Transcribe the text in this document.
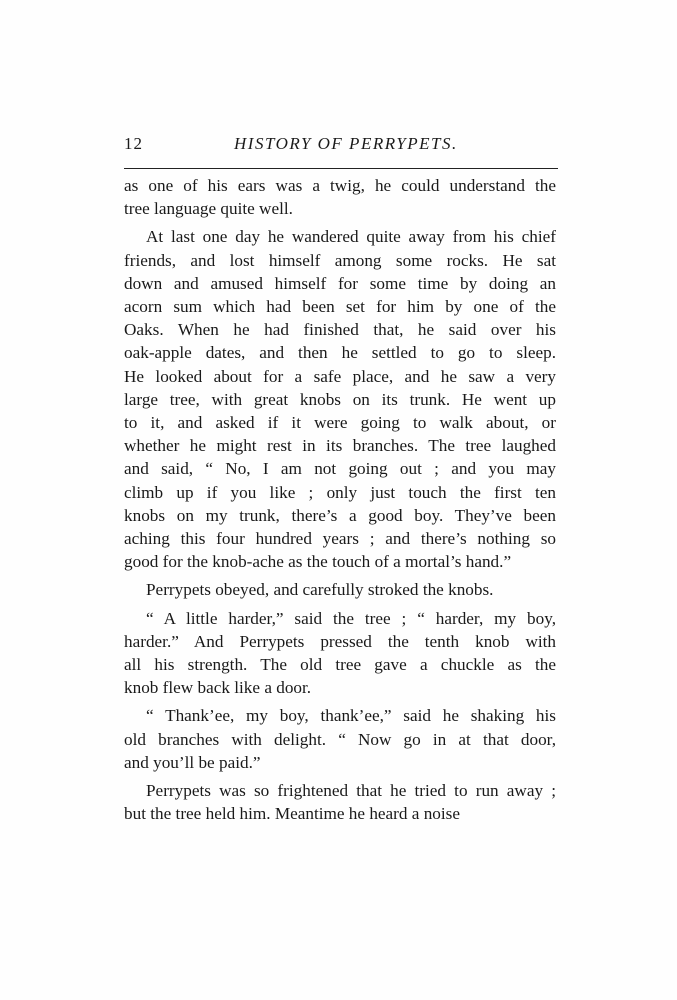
12	HISTORY OF PERRYPETS.

as one of his ears was a twig, he could understand the
tree language quite well.

At last one day he wandered quite away from his chief
friends, and lost himself among some rocks. He sat
down and amused himself for some time by doing an
acorn sum which had been set for him by one of the
Oaks. When he had finished that, he said over his
oak-apple dates, and then he settled to go to sleep.
He looked about for a safe place, and he saw a very
large tree, with great knobs on its trunk. He went up
to it, and asked if it were going to walk about, or
whether he might rest in its branches. The tree laughed
and said, “ No, I am not going out ; and you may
climb up if you like ; only just touch the first ten
knobs on my trunk, there’s a good boy. They’ve been
aching this four hundred years ; and there’s nothing so
good for the knob-ache as the touch of a mortal’s hand.”

Perrypets obeyed, and carefully stroked the knobs.

“ A little harder,” said the tree ; “ harder, my boy,
harder.” And Perrypets pressed the tenth knob with
all his strength. The old tree gave a chuckle as the
knob flew back like a door.

“ Thank’ee, my boy, thank’ee,” said he shaking his
old branches with delight. “ Now go in at that door,
and you’ll be paid.”

Perrypets was so frightened that he tried to run away ;
but the tree held him. Meantime he heard a noise
